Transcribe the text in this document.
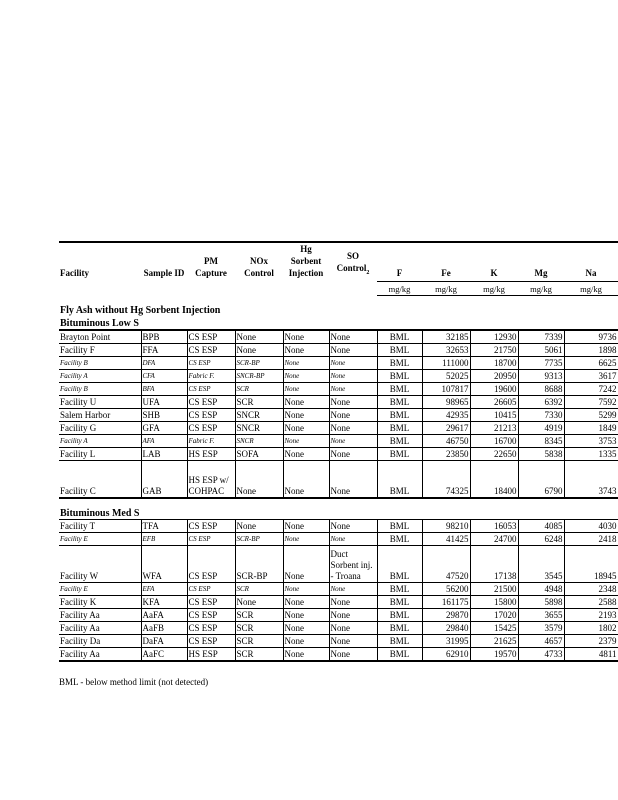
Facility	Sample ID	PM Capture	NOx Control	Hg Sorbent Injection	SO Control$_2$	F	Fe	K	Mg	Na
						mg/kg	mg/kg	mg/kg	mg/kg	mg/kg
Fly Ash without Hg Sorbent Injection										
Bituminous Low S										
Brayton Point	BPB	CS ESP	None	None	None	BML	32185	12930	7339	9736
Facility F	FFA	CS ESP	None	None	None	BML	32653	21750	5061	1898
Facility B	DFA	CS ESP	SCR-BP	None	None	BML	111000	18700	7735	6625
Facility A	CFA	Fabric F.	SNCR-BP	None	None	BML	52025	20950	9313	3617
Facility B	BFA	CS ESP	SCR	None	None	BML	107817	19600	8688	7242
Facility U	UFA	CS ESP	SCR	None	None	BML	98965	26605	6392	7592
Salem Harbor	SHB	CS ESP	SNCR	None	None	BML	42935	10415	7330	5299
Facility G	GFA	CS ESP	SNCR	None	None	BML	29617	21213	4919	1849
Facility A	AFA	Fabric F.	SNCR	None	None	BML	46750	16700	8345	3753
Facility L	LAB	HS ESP	SOFA	None	None	BML	23850	22650	5838	1335
Facility C	GAB	HS ESP w/ COHPAC	None	None	None	BML	74325	18400	6790	3743
Bituminous Med S										
Facility T	TFA	CS ESP	None	None	None	BML	98210	16053	4085	4030
Facility E	EFB	CS ESP	SCR-BP	None	None	BML	41425	24700	6248	2418
Facility W	WFA	CS ESP	SCR-BP	None	Duct Sorbent inj. - Troana	BML	47520	17138	3545	18945
Facility E	EFA	CS ESP	SCR	None	None	BML	56200	21500	4948	2348
Facility K	KFA	CS ESP	None	None	None	BML	161175	15800	5898	2588
Facility Aa	AaFA	CS ESP	SCR	None	None	BML	29870	17020	3655	2193
Facility Aa	AaFB	CS ESP	SCR	None	None	BML	29840	15425	3579	1802
Facility Da	DaFA	CS ESP	SCR	None	None	BML	31995	21625	4657	2379
Facility Aa	AaFC	HS ESP	SCR	None	None	BML	62910	19570	4733	4811
BML - below method limit (not detected)
